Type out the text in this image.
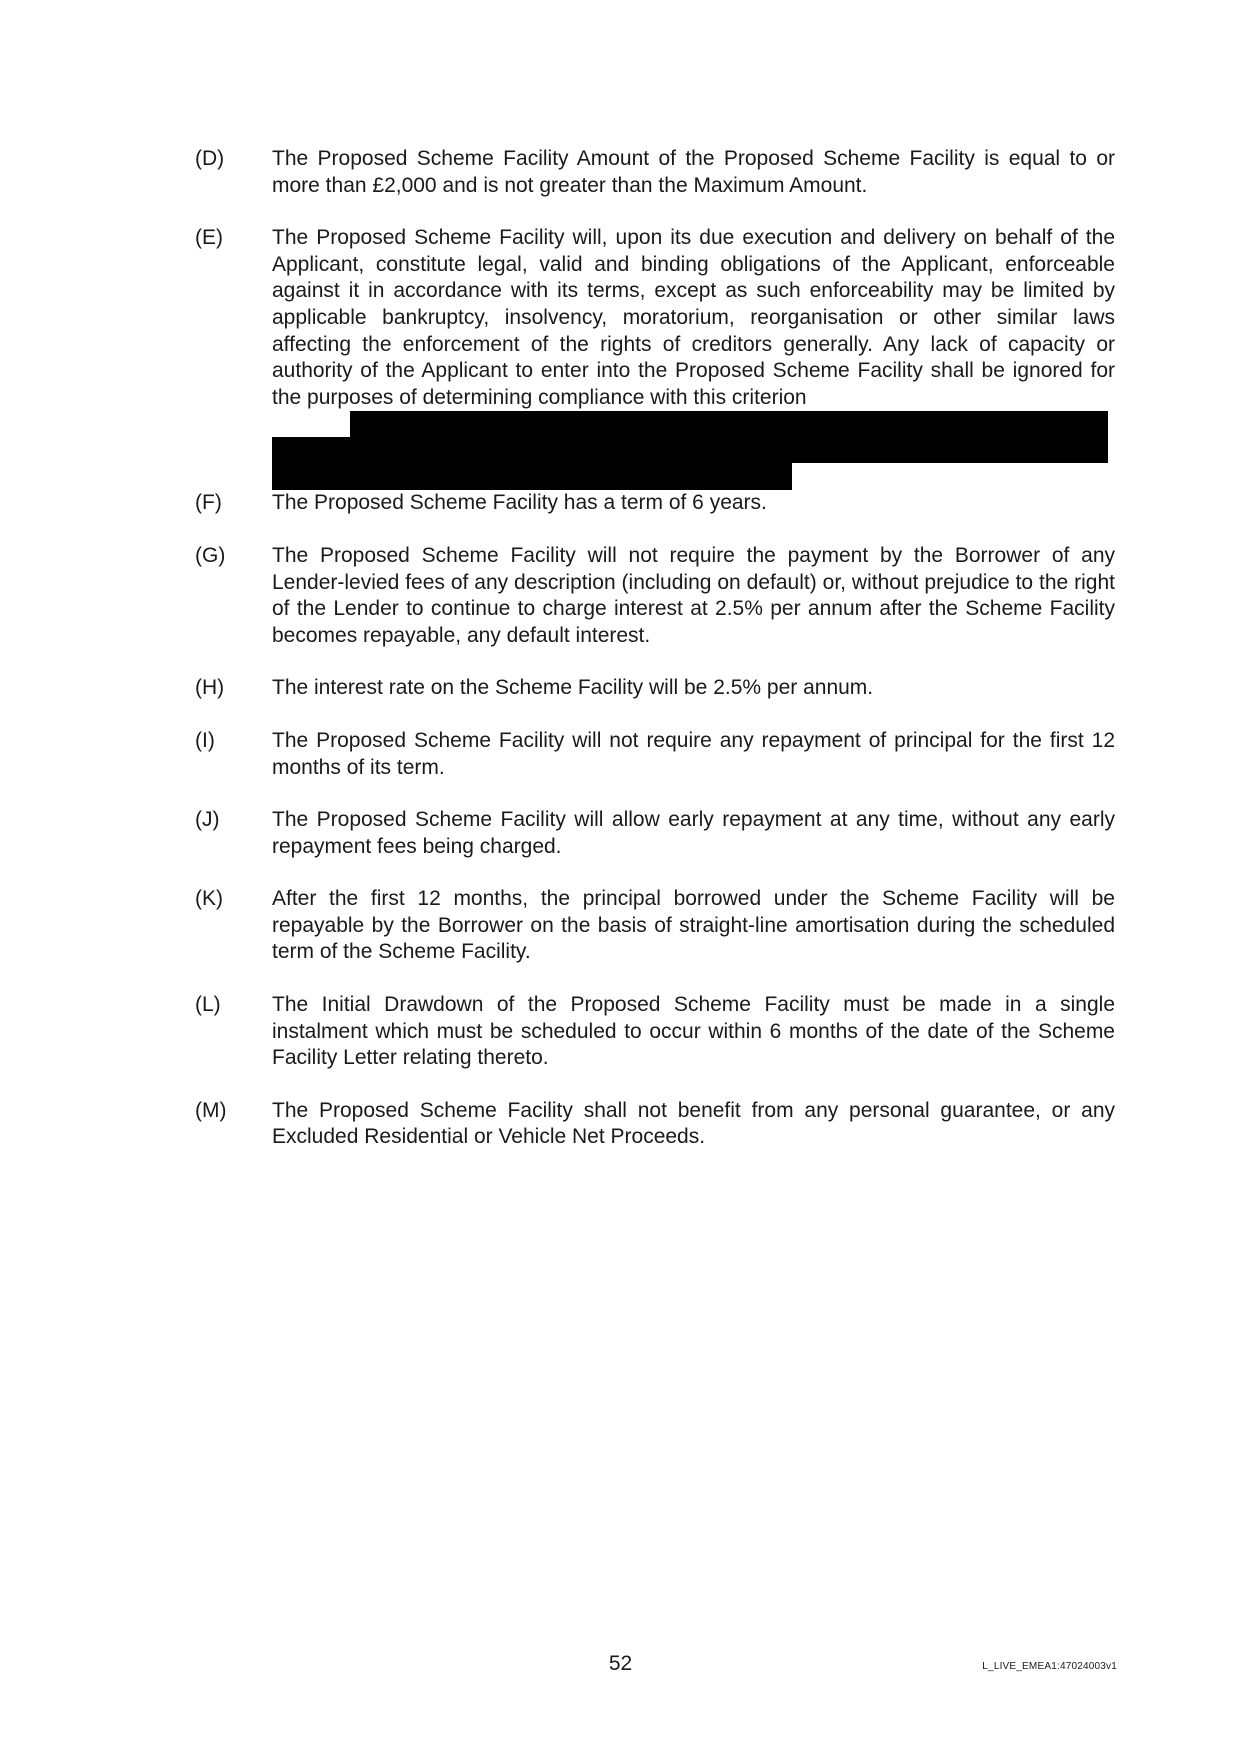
(D)	The Proposed Scheme Facility Amount of the Proposed Scheme Facility is equal to or more than £2,000 and is not greater than the Maximum Amount.

(E)	The Proposed Scheme Facility will, upon its due execution and delivery on behalf of the Applicant, constitute legal, valid and binding obligations of the Applicant, enforceable against it in accordance with its terms, except as such enforceability may be limited by applicable bankruptcy, insolvency, moratorium, reorganisation or other similar laws affecting the enforcement of the rights of creditors generally. Any lack of capacity or authority of the Applicant to enter into the Proposed Scheme Facility shall be ignored for the purposes of determining compliance with this criterion

(F)	The Proposed Scheme Facility has a term of 6 years.

(G)	The Proposed Scheme Facility will not require the payment by the Borrower of any Lender-levied fees of any description (including on default) or, without prejudice to the right of the Lender to continue to charge interest at 2.5% per annum after the Scheme Facility becomes repayable, any default interest.

(H)	The interest rate on the Scheme Facility will be 2.5% per annum.

(I)	The Proposed Scheme Facility will not require any repayment of principal for the first 12 months of its term.

(J)	The Proposed Scheme Facility will allow early repayment at any time, without any early repayment fees being charged.

(K)	After the first 12 months, the principal borrowed under the Scheme Facility will be repayable by the Borrower on the basis of straight-line amortisation during the scheduled term of the Scheme Facility.

(L)	The Initial Drawdown of the Proposed Scheme Facility must be made in a single instalment which must be scheduled to occur within 6 months of the date of the Scheme Facility Letter relating thereto.

(M)	The Proposed Scheme Facility shall not benefit from any personal guarantee, or any Excluded Residential or Vehicle Net Proceeds.

52	L_LIVE_EMEA1:47024003v1
